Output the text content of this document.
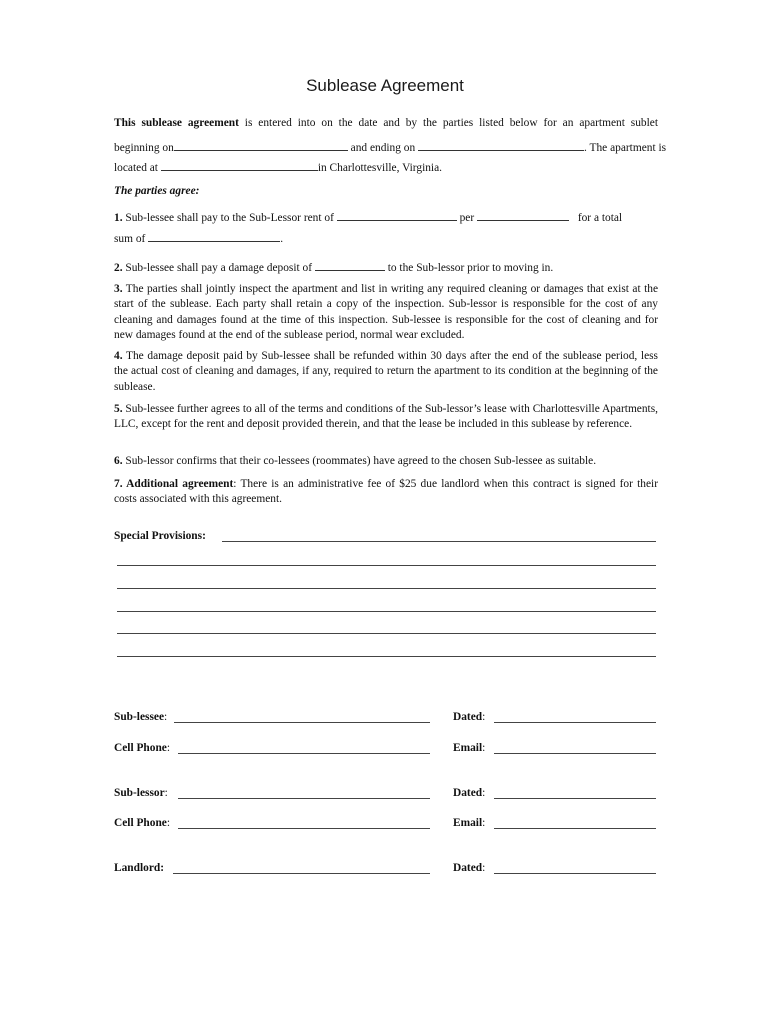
Sublease Agreement
This sublease agreement is entered into on the date and by the parties listed below for an apartment sublet
beginning on	and ending on	. The apartment is
located at	in Charlottesville, Virginia.
The parties agree:
1. Sub-lessee shall pay to the Sub-Lessor rent of	per	for a total
sum of	.
2. Sub-lessee shall pay a damage deposit of	to the Sub-lessor prior to moving in.
3. The parties shall jointly inspect the apartment and list in writing any required cleaning or damages that exist at the start of the sublease. Each party shall retain a copy of the inspection. Sub-lessor is responsible for the cost of any cleaning and damages found at the time of this inspection. Sub-lessee is responsible for the cost of cleaning and for new damages found at the end of the sublease period, normal wear excluded.
4. The damage deposit paid by Sub-lessee shall be refunded within 30 days after the end of the sublease period, less the actual cost of cleaning and damages, if any, required to return the apartment to its condition at the beginning of the sublease.
5. Sub-lessee further agrees to all of the terms and conditions of the Sub-lessor’s lease with Charlottesville Apartments, LLC, except for the rent and deposit provided therein, and that the lease be included in this sublease by reference.
6. Sub-lessor confirms that their co-lessees (roommates) have agreed to the chosen Sub-lessee as suitable.
7. Additional agreement: There is an administrative fee of $25 due landlord when this contract is signed for their costs associated with this agreement.
Special Provisions:
Sub-lessee:	Dated:
Cell Phone:	Email:
Sub-lessor:	Dated:
Cell Phone:	Email:
Landlord:	Dated:
